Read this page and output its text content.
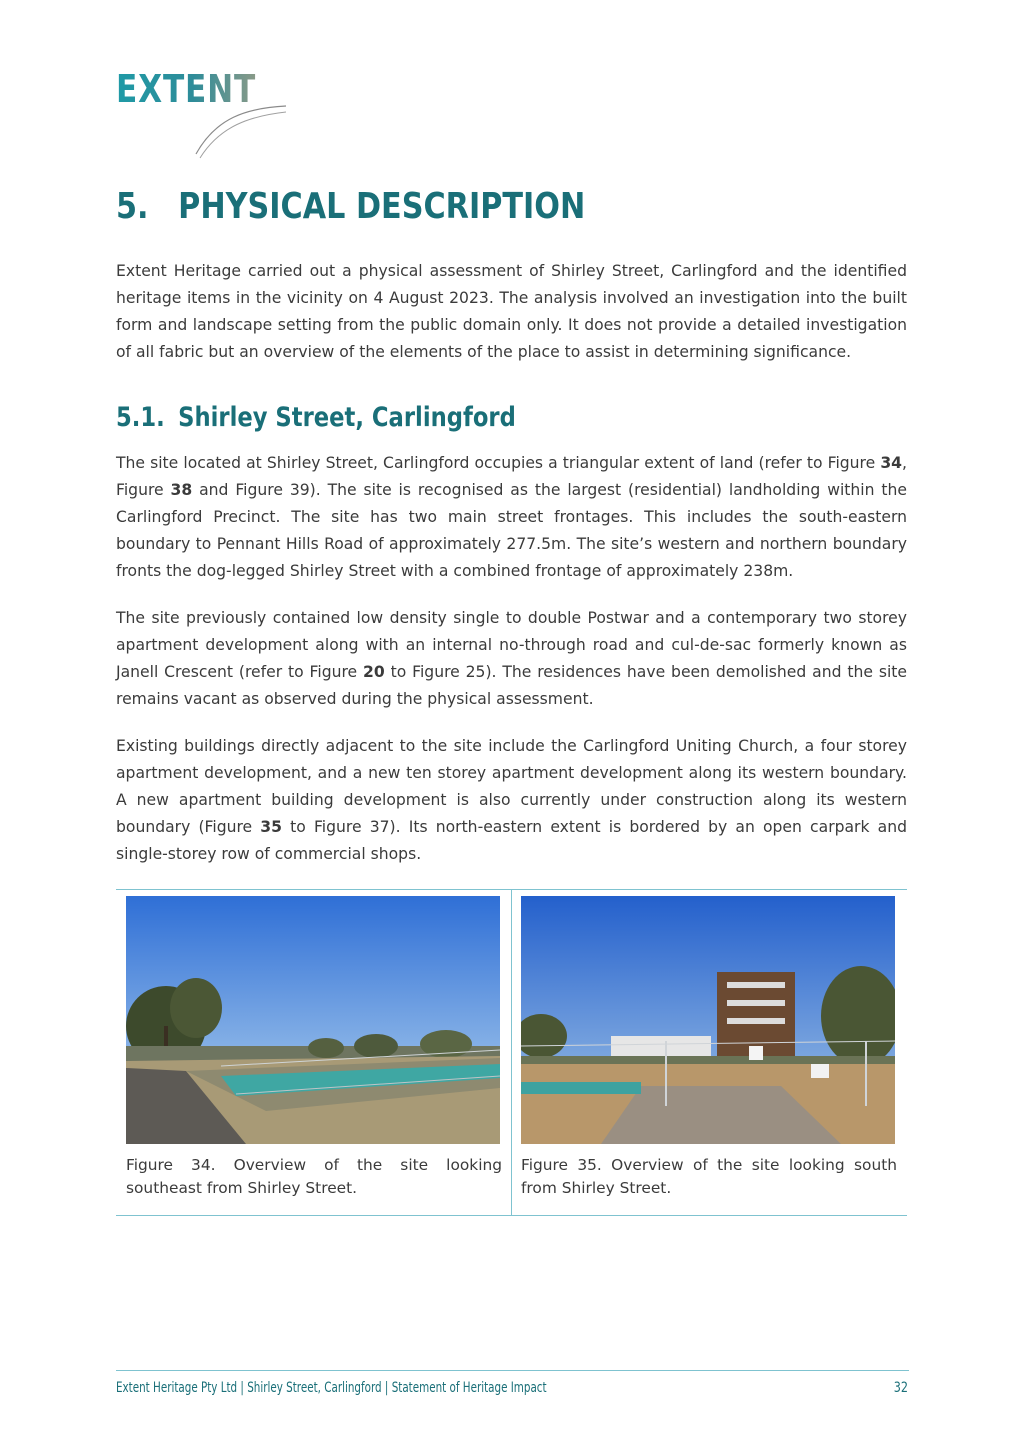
EXTENT
5. PHYSICAL DESCRIPTION

Extent Heritage carried out a physical assessment of Shirley Street, Carlingford and the identified heritage items in the vicinity on 4 August 2023. The analysis involved an investigation into the built form and landscape setting from the public domain only. It does not provide a detailed investigation of all fabric but an overview of the elements of the place to assist in determining significance.

5.1. Shirley Street, Carlingford

The site located at Shirley Street, Carlingford occupies a triangular extent of land (refer to Figure 34, Figure 38 and Figure 39). The site is recognised as the largest (residential) landholding within the Carlingford Precinct. The site has two main street frontages. This includes the south-eastern boundary to Pennant Hills Road of approximately 277.5m. The site’s western and northern boundary fronts the dog-legged Shirley Street with a combined frontage of approximately 238m.

The site previously contained low density single to double Postwar and a contemporary two storey apartment development along with an internal no-through road and cul-de-sac formerly known as Janell Crescent (refer to Figure 20 to Figure 25). The residences have been demolished and the site remains vacant as observed during the physical assessment.

Existing buildings directly adjacent to the site include the Carlingford Uniting Church, a four storey apartment development, and a new ten storey apartment development along its western boundary. A new apartment building development is also currently under construction along its western boundary (Figure 35 to Figure 37). Its north-eastern extent is bordered by an open carpark and single-storey row of commercial shops.

Figure 34. Overview of the site looking southeast from Shirley Street.

Figure 35. Overview of the site looking south from Shirley Street.

Extent Heritage Pty Ltd | Shirley Street, Carlingford | Statement of Heritage Impact	32
